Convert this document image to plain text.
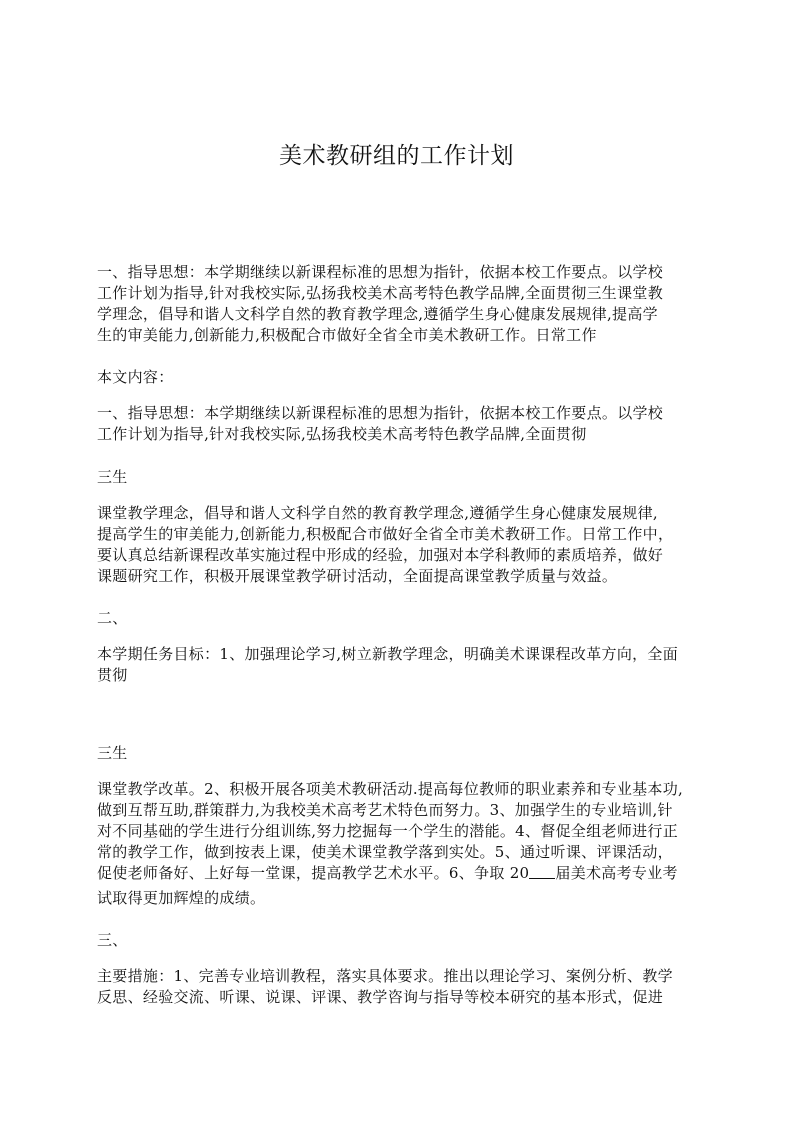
美术教研组的工作计划
一、指导思想：本学期继续以新课程标准的思想为指针，依据本校工作要点。以学校
工作计划为指导,针对我校实际,弘扬我校美术高考特色教学品牌,全面贯彻三生课堂教
学理念，倡导和谐人文科学自然的教育教学理念,遵循学生身心健康发展规律,提高学
生的审美能力,创新能力,积极配合市做好全省全市美术教研工作。日常工作
本文内容：
一、指导思想：本学期继续以新课程标准的思想为指针，依据本校工作要点。以学校
工作计划为指导,针对我校实际,弘扬我校美术高考特色教学品牌,全面贯彻
三生
课堂教学理念，倡导和谐人文科学自然的教育教学理念,遵循学生身心健康发展规律,
提高学生的审美能力,创新能力,积极配合市做好全省全市美术教研工作。日常工作中，
要认真总结新课程改革实施过程中形成的经验，加强对本学科教师的素质培养，做好
课题研究工作，积极开展课堂教学研讨活动，全面提高课堂教学质量与效益。
二、
本学期任务目标：1、加强理论学习,树立新教学理念，明确美术课课程改革方向，全面
贯彻
三生
课堂教学改革。2、积极开展各项美术教研活动.提高每位教师的职业素养和专业基本功,
做到互帮互助,群策群力,为我校美术高考艺术特色而努力。3、加强学生的专业培训,针
对不同基础的学生进行分组训练,努力挖掘每一个学生的潜能。4、督促全组老师进行正
常的教学工作，做到按表上课，使美术课堂教学落到实处。5、通过听课、评课活动，
促使老师备好、上好每一堂课，提高教学艺术水平。6、争取 20 届美术高考专业考
试取得更加辉煌的成绩。
三、
主要措施：1、完善专业培训教程，落实具体要求。推出以理论学习、案例分析、教学
反思、经验交流、听课、说课、评课、教学咨询与指导等校本研究的基本形式，促进
